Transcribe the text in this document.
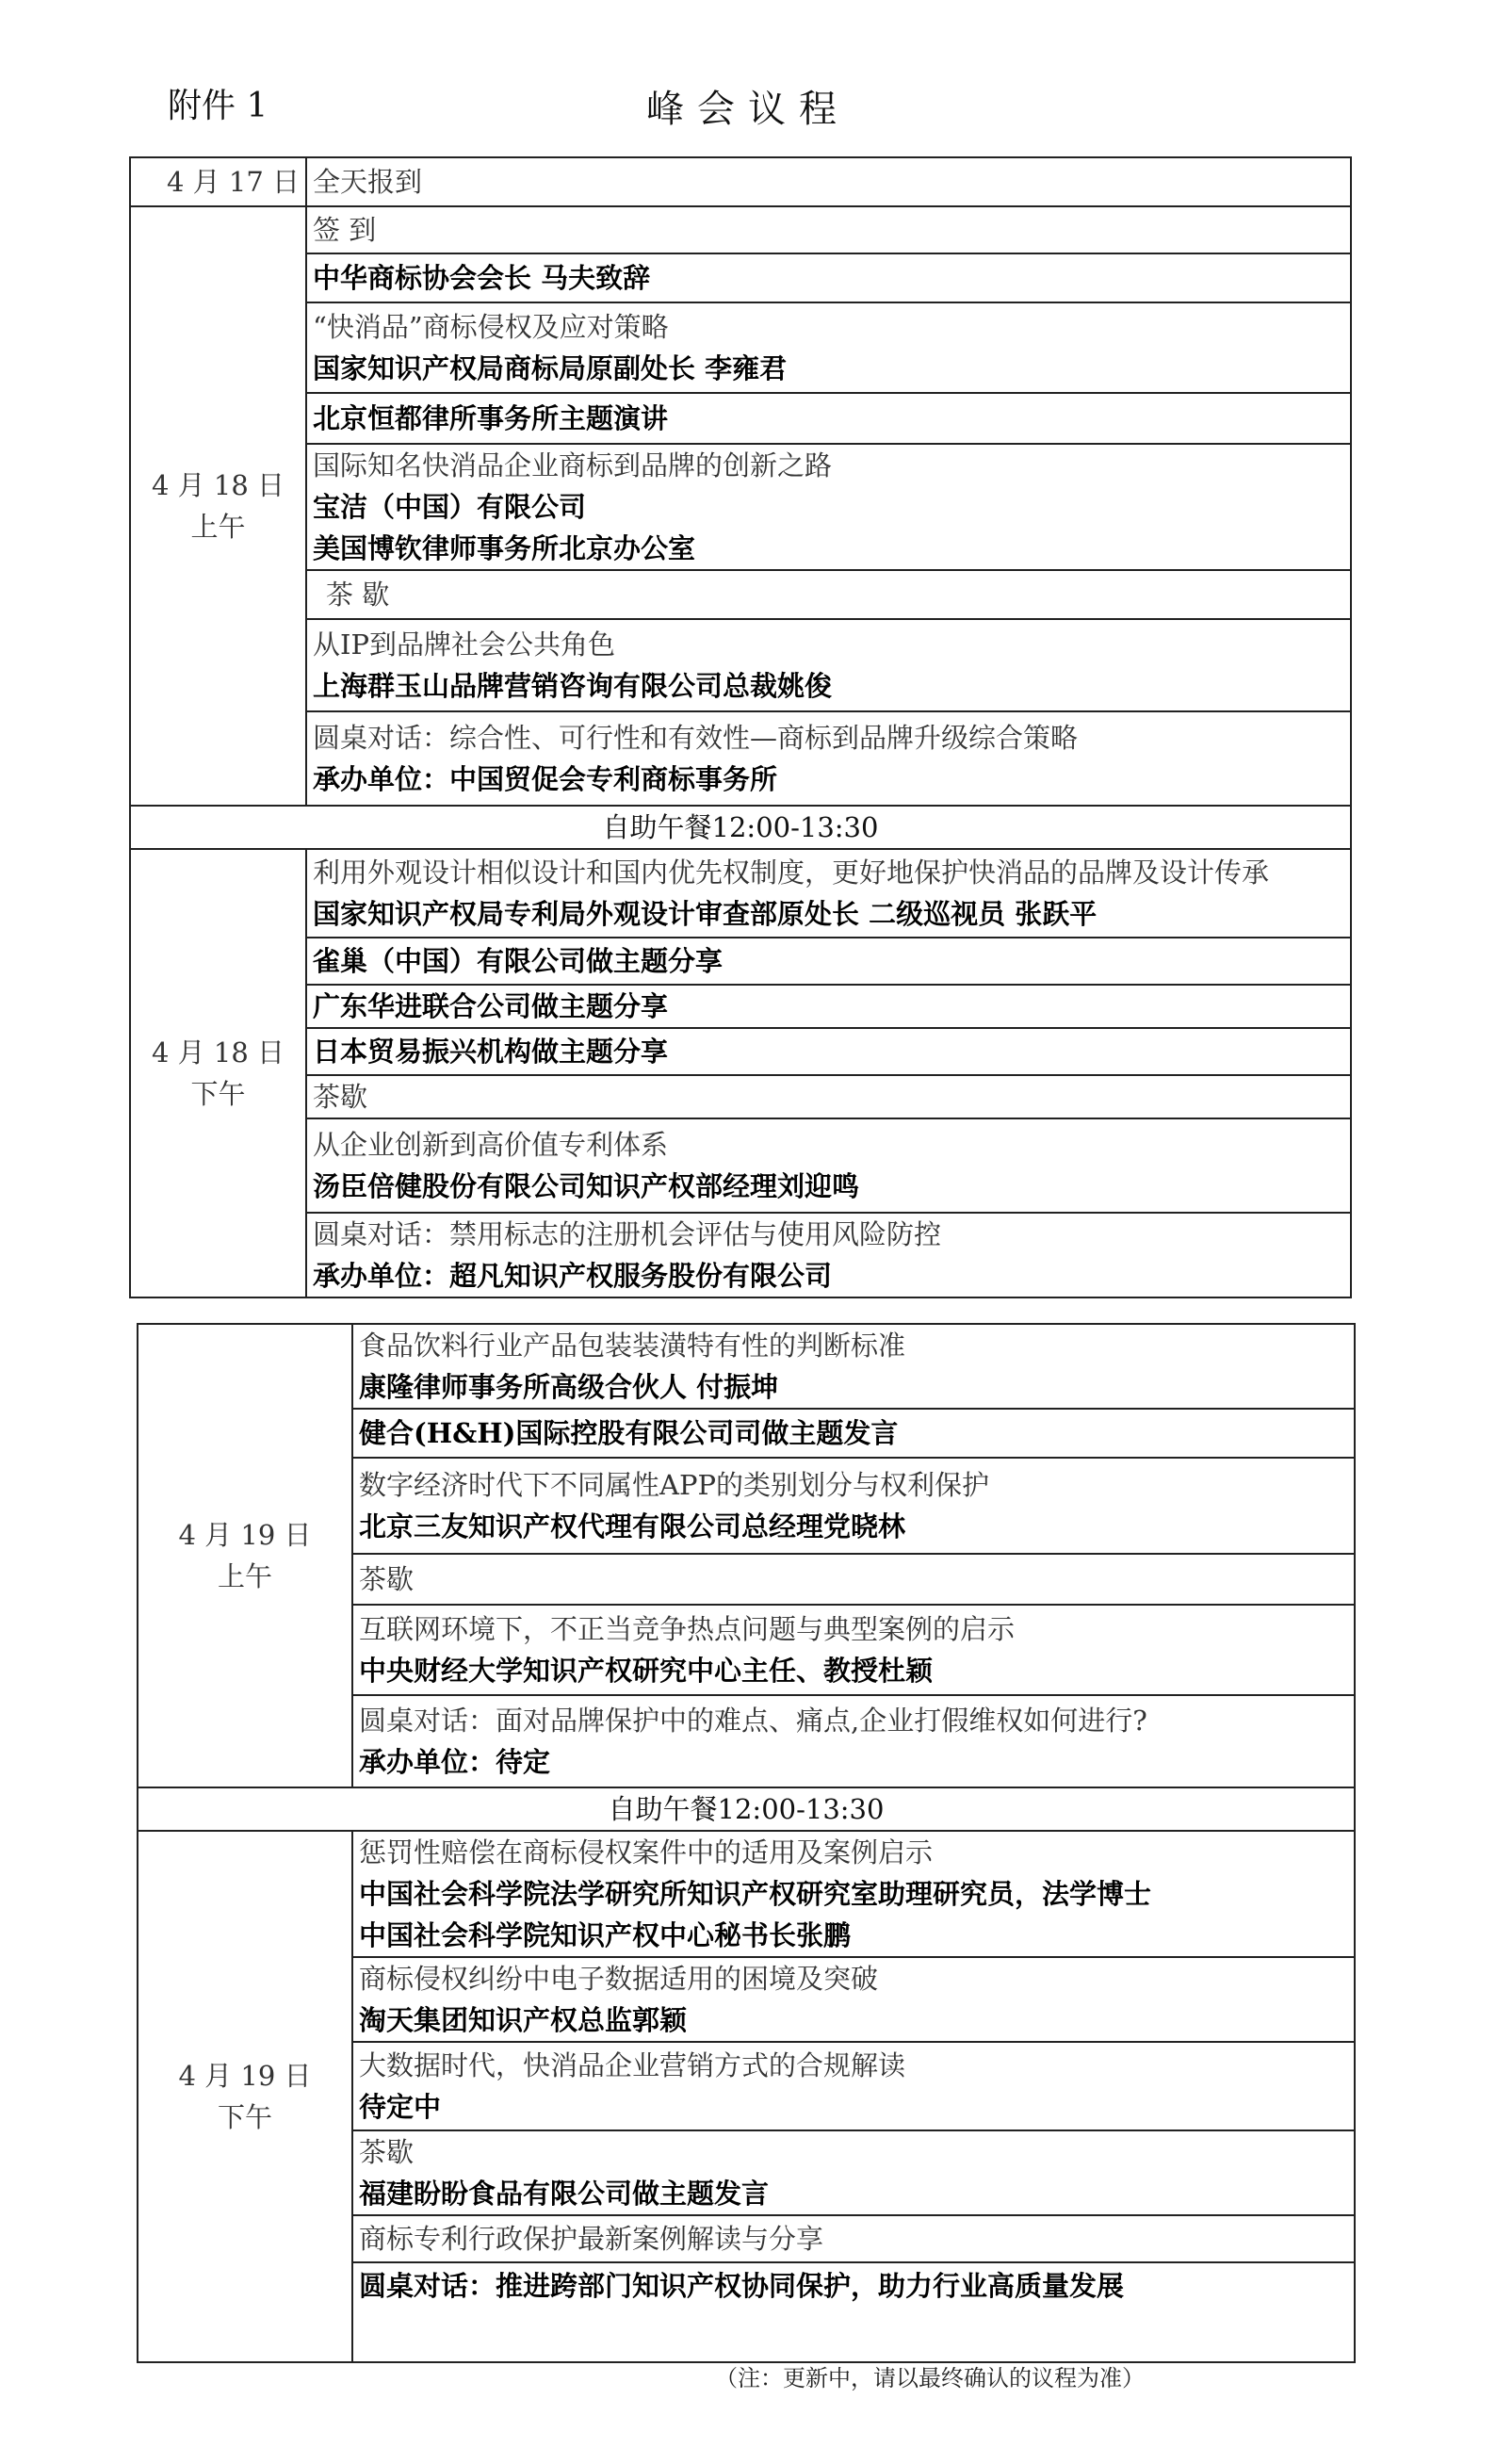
附件 1	峰会议程
4 月 17 日	全天报到

4 月 18 日
上午	签 到

	中华商标协会会长 马夫致辞

	“快消品”商标侵权及应对策略
国家知识产权局商标局原副处长 李雍君

	北京恒都律所事务所主题演讲

	国际知名快消品企业商标到品牌的创新之路
宝洁（中国）有限公司
美国博钦律师事务所北京办公室

	茶 歇

	从IP到品牌社会公共角色
上海群玉山品牌营销咨询有限公司总裁姚俊

	圆桌对话：综合性、可行性和有效性—商标到品牌升级综合策略
承办单位：中国贸促会专利商标事务所

自助午餐12:00-13:30	

4 月 18 日
下午	利用外观设计相似设计和国内优先权制度，更好地保护快消品的品牌及设计传承
国家知识产权局专利局外观设计审查部原处长 二级巡视员 张跃平

	雀巢（中国）有限公司做主题分享

	广东华进联合公司做主题分享

	日本贸易振兴机构做主题分享

	茶歇

	从企业创新到高价值专利体系
汤臣倍健股份有限公司知识产权部经理刘迎鸣

	圆桌对话：禁用标志的注册机会评估与使用风险防控
承办单位：超凡知识产权服务股份有限公司
4 月 19 日
上午	食品饮料行业产品包装装潢特有性的判断标准
康隆律师事务所高级合伙人 付振坤

	健合(H&H)国际控股有限公司司做主题发言

	数字经济时代下不同属性APP的类别划分与权利保护
北京三友知识产权代理有限公司总经理党晓林

	茶歇

	互联网环境下，不正当竞争热点问题与典型案例的启示
中央财经大学知识产权研究中心主任、教授杜颖

	圆桌对话：面对品牌保护中的难点、痛点,企业打假维权如何进行?
承办单位：待定

自助午餐12:00-13:30	

4 月 19 日
下午	惩罚性赔偿在商标侵权案件中的适用及案例启示
中国社会科学院法学研究所知识产权研究室助理研究员，法学博士
中国社会科学院知识产权中心秘书长张鹏

	商标侵权纠纷中电子数据适用的困境及突破
淘天集团知识产权总监郭颖

	大数据时代，快消品企业营销方式的合规解读
待定中

	茶歇
福建盼盼食品有限公司做主题发言

	商标专利行政保护最新案例解读与分享

	圆桌对话：推进跨部门知识产权协同保护，助力行业高质量发展
（注：更新中，请以最终确认的议程为准）
